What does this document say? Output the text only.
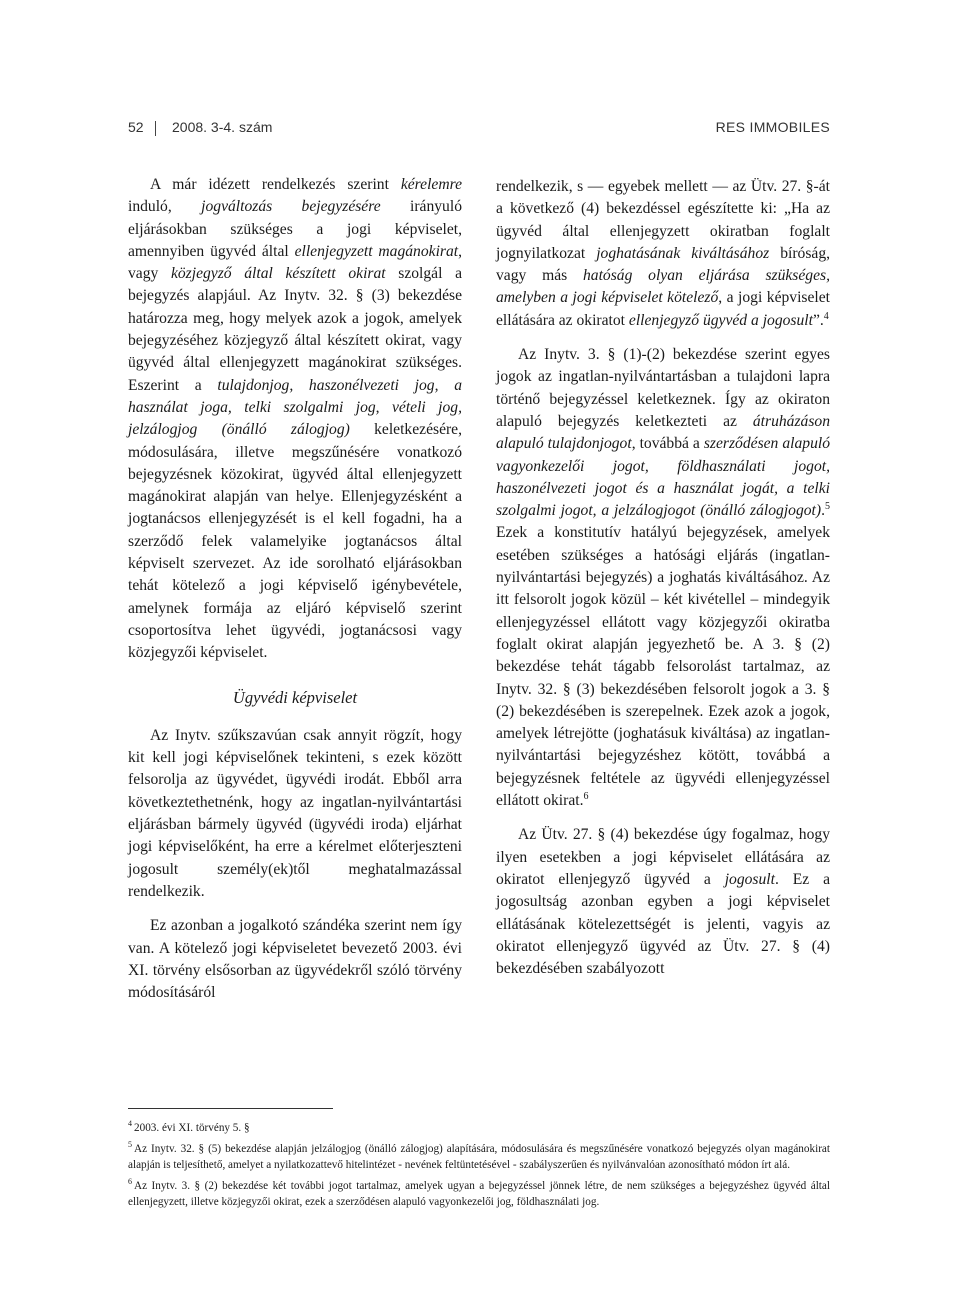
52 2008. 3-4. szám	RES IMMOBILES

A már idézett rendelkezés szerint kérelemre induló, jogváltozás bejegyzésére irányuló eljárásokban szükséges a jogi képviselet, amennyiben ügyvéd által ellenjegyzett magánokirat, vagy közjegyző által készített okirat szolgál a bejegyzés alapjául. Az Inytv. 32. § (3) bekezdése határozza meg, hogy melyek azok a jogok, amelyek bejegyzéséhez közjegyző által készített okirat, vagy ügyvéd által ellenjegyzett magánokirat szükséges. Eszerint a tulajdonjog, haszonélvezeti jog, a használat joga, telki szolgalmi jog, vételi jog, jelzálogjog (önálló zálogjog) keletkezésére, módosulására, illetve megszűnésére vonatkozó bejegyzésnek közokirat, ügyvéd által ellenjegyzett magánokirat alapján van helye. Ellenjegyzésként a jogtanácsos ellenjegyzését is el kell fogadni, ha a szerződő felek valamelyike jogtanácsos által képviselt szervezet. Az ide sorolható eljárásokban tehát kötelező a jogi képviselő igénybevétele, amelynek formája az eljáró képviselő szerint csoportosítva lehet ügyvédi, jogtanácsosi vagy közjegyzői képviselet.

Ügyvédi képviselet

Az Inytv. szűkszavúan csak annyit rögzít, hogy kit kell jogi képviselőnek tekinteni, s ezek között felsorolja az ügyvédet, ügyvédi irodát. Ebből arra következtethetnénk, hogy az ingatlan-nyilvántartási eljárásban bármely ügyvéd (ügyvédi iroda) eljárhat jogi képviselőként, ha erre a kérelmet előterjeszteni jogosult személy(ek)től meghatalmazással rendelkezik.

Ez azonban a jogalkotó szándéka szerint nem így van. A kötelező jogi képviseletet bevezető 2003. évi XI. törvény elsősorban az ügyvédekről szóló törvény módosításáról

rendelkezik, s — egyebek mellett — az Ütv. 27. §-át a következő (4) bekezdéssel egészítette ki: „Ha az ügyvéd által ellenjegyzett okiratban foglalt jognyilatkozat joghatásának kiváltásához bíróság, vagy más hatóság olyan eljárása szükséges, amelyben a jogi képviselet kötelező, a jogi képviselet ellátására az okiratot ellenjegyző ügyvéd a jogosult”.$^4$

Az Inytv. 3. § (1)-(2) bekezdése szerint egyes jogok az ingatlan-nyilvántartásban a tulajdoni lapra történő bejegyzéssel keletkeznek. Így az okiraton alapuló bejegyzés keletkezteti az átruházáson alapuló tulajdonjogot, továbbá a szerződésen alapuló vagyonkezelői jogot, földhasználati jogot, haszonélvezeti jogot és a használat jogát, a telki szolgalmi jogot, a jelzálogjogot (önálló zálogjogot).$^5$ Ezek a konstitutív hatályú bejegyzések, amelyek esetében szükséges a hatósági eljárás (ingatlan-nyilvántartási bejegyzés) a joghatás kiváltásához. Az itt felsorolt jogok közül – két kivétellel – mindegyik ellenjegyzéssel ellátott vagy közjegyzői okiratba foglalt okirat alapján jegyezhető be. A 3. § (2) bekezdése tehát tágabb felsorolást tartalmaz, az Inytv. 32. § (3) bekezdésében felsorolt jogok a 3. § (2) bekezdésében is szerepelnek. Ezek azok a jogok, amelyek létrejötte (joghatásuk kiváltása) az ingatlan-nyilvántartási bejegyzéshez kötött, továbbá a bejegyzésnek feltétele az ügyvédi ellenjegyzéssel ellátott okirat.$^6$

Az Ütv. 27. § (4) bekezdése úgy fogalmaz, hogy ilyen esetekben a jogi képviselet ellátására az okiratot ellenjegyző ügyvéd a jogosult. Ez a jogosultság azonban egyben a jogi képviselet ellátásának kötelezettségét is jelenti, vagyis az okiratot ellenjegyző ügyvéd az Ütv. 27. § (4) bekezdésében szabályozott

$^4$ 2003. évi XI. törvény 5. §
$^5$ Az Inytv. 32. § (5) bekezdése alapján jelzálogjog (önálló zálogjog) alapítására, módosulására és megszűnésére vonatkozó bejegyzés olyan magánokirat alapján is teljesíthető, amelyet a nyilatkozattevő hitelintézet - nevének feltüntetésével - szabályszerűen és nyilvánvalóan azonosítható módon írt alá.
$^6$ Az Inytv. 3. § (2) bekezdése két további jogot tartalmaz, amelyek ugyan a bejegyzéssel jönnek létre, de nem szükséges a bejegyzéshez ügyvéd által ellenjegyzett, illetve közjegyzői okirat, ezek a szerződésen alapuló vagyonkezelői jog, földhasználati jog.
